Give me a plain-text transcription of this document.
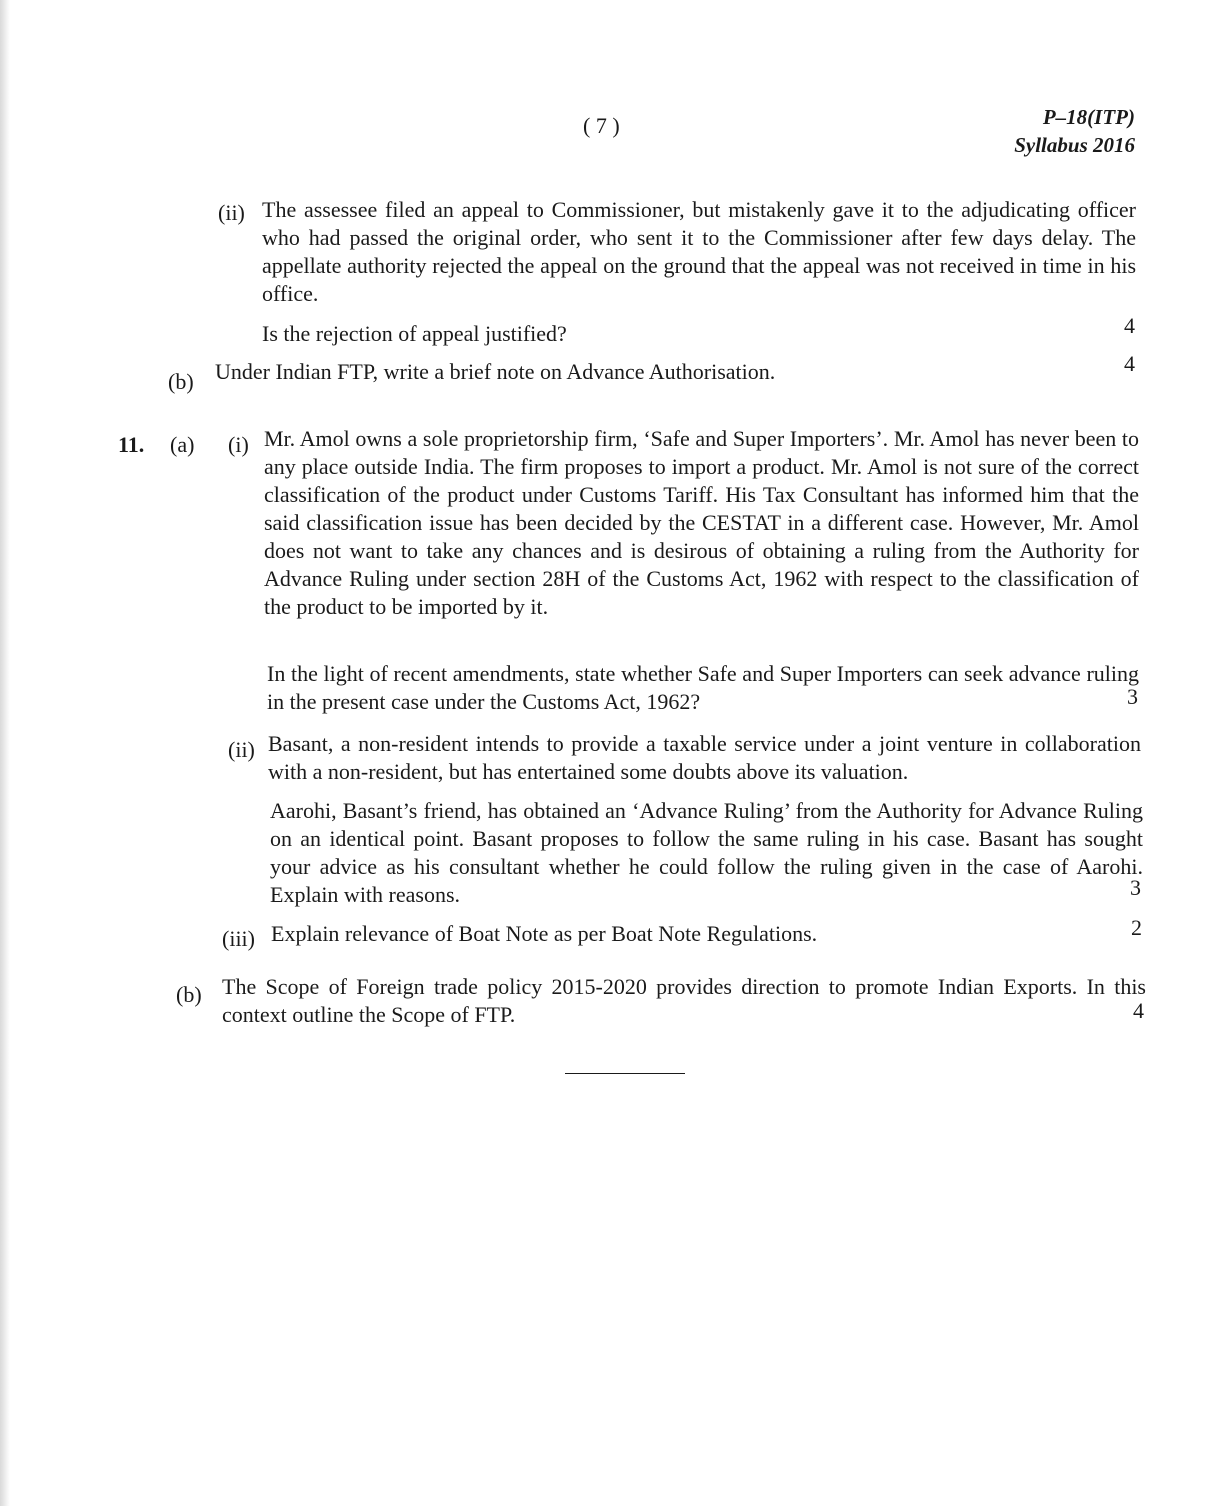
( 7 )	P–18(ITP)
Syllabus 2016
(ii) The assessee filed an appeal to Commissioner, but mistakenly gave it to the adjudicating officer who had passed the original order, who sent it to the Commissioner after few days delay. The appellate authority rejected the appeal on the ground that the appeal was not received in time in his office.
Is the rejection of appeal justified?	4
(b) Under Indian FTP, write a brief note on Advance Authorisation.	4
11. (a) (i) Mr. Amol owns a sole proprietorship firm, ‘Safe and Super Importers’. Mr. Amol has never been to any place outside India. The firm proposes to import a product. Mr. Amol is not sure of the correct classification of the product under Customs Tariff. His Tax Consultant has informed him that the said classification issue has been decided by the CESTAT in a different case. However, Mr. Amol does not want to take any chances and is desirous of obtaining a ruling from the Authority for Advance Ruling under section 28H of the Customs Act, 1962 with respect to the classification of the product to be imported by it.
In the light of recent amendments, state whether Safe and Super Importers can seek advance ruling in the present case under the Customs Act, 1962?	3
(ii) Basant, a non-resident intends to provide a taxable service under a joint venture in collaboration with a non-resident, but has entertained some doubts above its valuation.
Aarohi, Basant’s friend, has obtained an ‘Advance Ruling’ from the Authority for Advance Ruling on an identical point. Basant proposes to follow the same ruling in his case. Basant has sought your advice as his consultant whether he could follow the ruling given in the case of Aarohi. Explain with reasons.	3
(iii) Explain relevance of Boat Note as per Boat Note Regulations.	2
(b) The Scope of Foreign trade policy 2015-2020 provides direction to promote Indian Exports. In this context outline the Scope of FTP.	4
